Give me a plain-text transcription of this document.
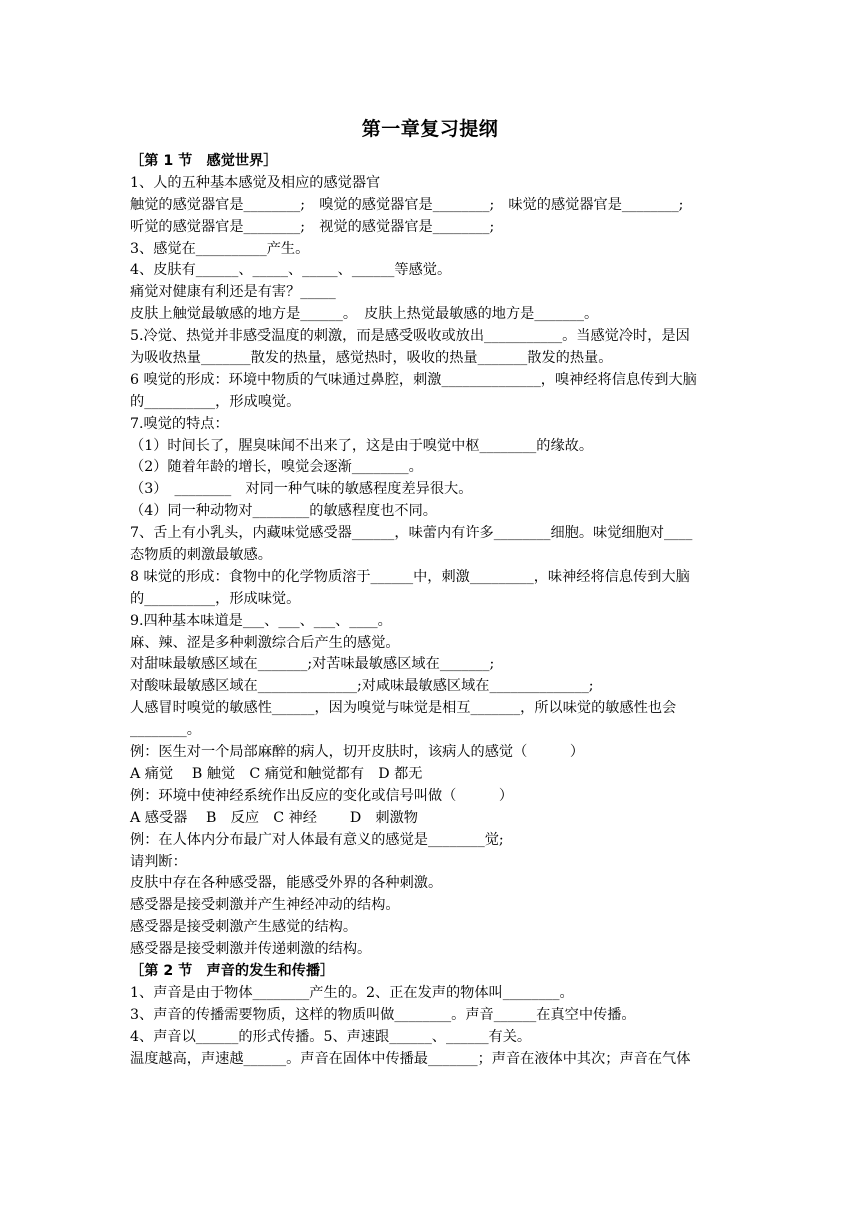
第一章复习提纲
［第 1 节　感觉世界］
1、人的五种基本感觉及相应的感觉器官
触觉的感觉器官是________;　嗅觉的感觉器官是________;　味觉的感觉器官是________;
听觉的感觉器官是________;　视觉的感觉器官是________;
3、感觉在__________产生。
4、皮肤有______、_____、_____、______等感觉。
痛觉对健康有利还是有害？_____
皮肤上触觉最敏感的地方是______。　皮肤上热觉最敏感的地方是_______。
5.冷觉、热觉并非感受温度的刺激，而是感受吸收或放出___________。当感觉冷时，是因
为吸收热量_______散发的热量，感觉热时，吸收的热量_______散发的热量。
6 嗅觉的形成：环境中物质的气味通过鼻腔，刺激______________，嗅神经将信息传到大脑
的__________，形成嗅觉。
7.嗅觉的特点：
（1）时间长了，腥臭味闻不出来了，这是由于嗅觉中枢________的缘故。
（2）随着年龄的增长，嗅觉会逐渐________。
（3）　________　对同一种气味的敏感程度差异很大。
（4）同一种动物对________的敏感程度也不同。
7、舌上有小乳头，内藏味觉感受器______，味蕾内有许多________细胞。味觉细胞对____
态物质的刺激最敏感。
8 味觉的形成：食物中的化学物质溶于______中，刺激_________，味神经将信息传到大脑
的__________，形成味觉。
9.四种基本味道是___、___、___、____。
麻、辣、涩是多种刺激综合后产生的感觉。
对甜味最敏感区域在_______;对苦味最敏感区域在_______;
对酸味最敏感区域在______________;对咸味最敏感区域在______________;
人感冒时嗅觉的敏感性______，因为嗅觉与味觉是相互_______，所以味觉的敏感性也会
________。
例：医生对一个局部麻醉的病人，切开皮肤时，该病人的感觉（　　　）
A 痛觉　 B 触觉　C 痛觉和触觉都有　D 都无
例：环境中使神经系统作出反应的变化或信号叫做（　　　）
A 感受器　 B　反应　C 神经　　 D　刺激物
例：在人体内分布最广对人体最有意义的感觉是________觉;
请判断：
皮肤中存在各种感受器，能感受外界的各种刺激。
感受器是接受刺激并产生神经冲动的结构。
感受器是接受刺激产生感觉的结构。
感受器是接受刺激并传递刺激的结构。
［第 2 节　声音的发生和传播］
1、声音是由于物体________产生的。2、正在发声的物体叫________。
3、声音的传播需要物质，这样的物质叫做________。声音______在真空中传播。
4、声音以______的形式传播。5、声速跟______、______有关。
温度越高，声速越______。声音在固体中传播最_______；声音在液体中其次；声音在气体
